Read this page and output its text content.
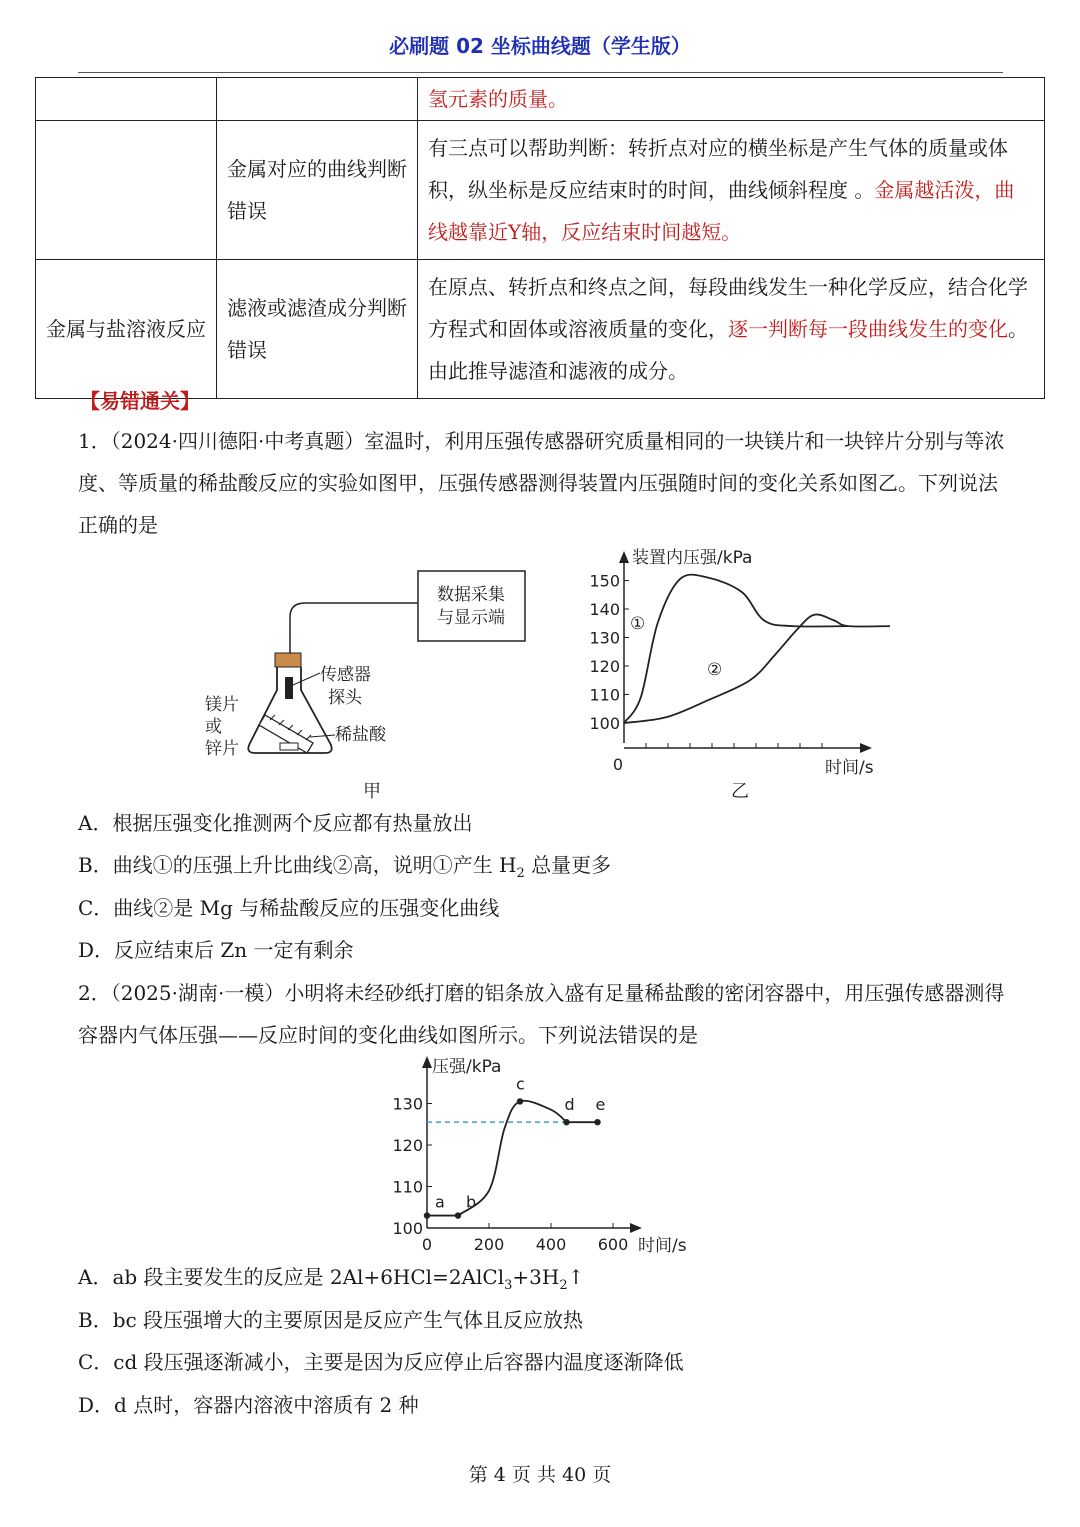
必刷题 02 坐标曲线题（学生版）
		氢元素的质量。
	金属对应的曲线判断错误	有三点可以帮助判断：转折点对应的横坐标是产生气体的质量或体积，纵坐标是反应结束时的时间，曲线倾斜程度 。金属越活泼，曲线越靠近Y轴，反应结束时间越短。
金属与盐溶液反应	滤液或滤渣成分判断错误	在原点、转折点和终点之间，每段曲线发生一种化学反应，结合化学方程式和固体或溶液质量的变化，逐一判断每一段曲线发生的变化。由此推导滤渣和滤液的成分。
【易错通关】
1．（2024·四川德阳·中考真题）室温时，利用压强传感器研究质量相同的一块镁片和一块锌片分别与等浓度、等质量的稀盐酸反应的实验如图甲，压强传感器测得装置内压强随时间的变化关系如图乙。下列说法正确的是
数据采集
与显示端
传感器
探头
稀盐酸
镁片
或
锌片
甲
装置内压强/kPa
时间/s
0
乙
100
110
120
130
140
150
①
②
A．根据压强变化推测两个反应都有热量放出
B．曲线①的压强上升比曲线②高，说明①产生 $H_2$ 总量更多
C．曲线②是 Mg 与稀盐酸反应的压强变化曲线
D．反应结束后 Zn 一定有剩余
2．（2025·湖南·一模）小明将未经砂纸打磨的铝条放入盛有足量稀盐酸的密闭容器中，用压强传感器测得容器内气体压强——反应时间的变化曲线如图所示。下列说法错误的是
压强/kPa
时间/s
100
110
120
130
0	200 400 600
a b
c
d e
A．ab 段主要发生的反应是 $2Al+6HCl=2AlCl_3+3H_2↑$
B．bc 段压强增大的主要原因是反应产生气体且反应放热
C．cd 段压强逐渐减小，主要是因为反应停止后容器内温度逐渐降低
D．d 点时，容器内溶液中溶质有 2 种
第 4 页 共 40 页
